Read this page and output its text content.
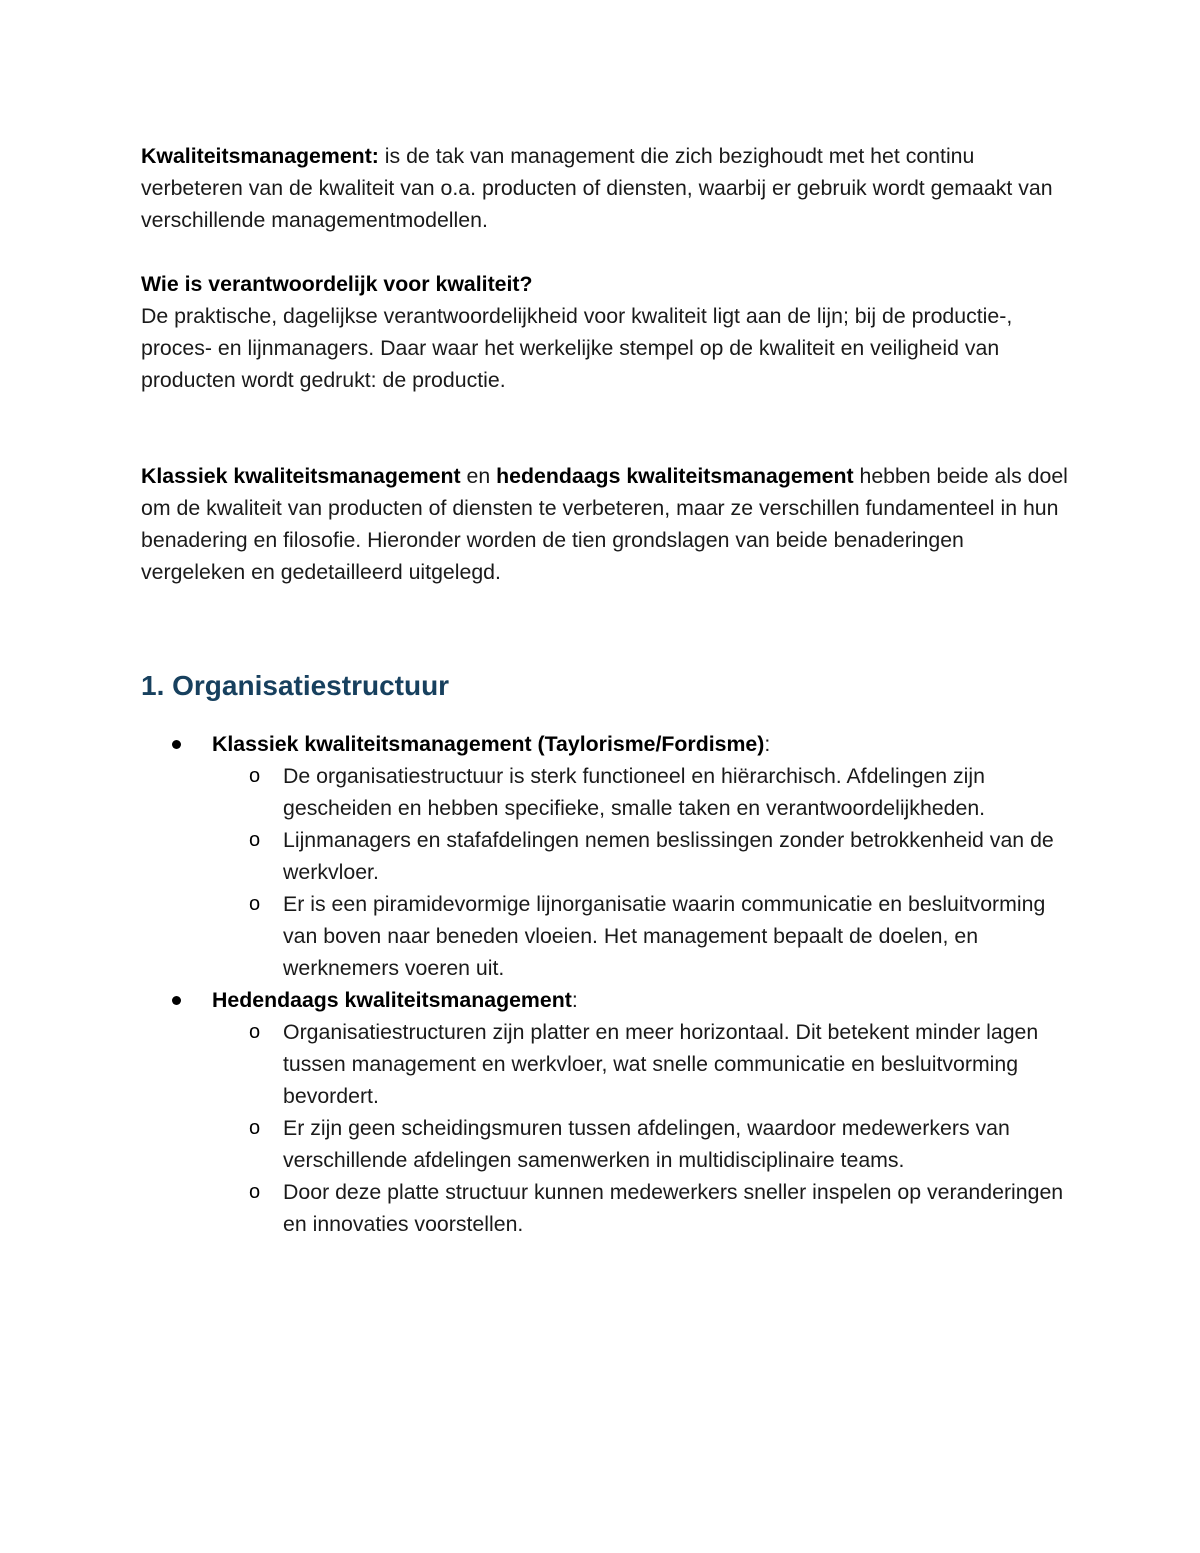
Kwaliteitsmanagement: is de tak van management die zich bezighoudt met het continu verbeteren van de kwaliteit van o.a. producten of diensten, waarbij er gebruik wordt gemaakt van verschillende managementmodellen.

Wie is verantwoordelijk voor kwaliteit?

De praktische, dagelijkse verantwoordelijkheid voor kwaliteit ligt aan de lijn; bij de productie-, proces- en lijnmanagers. Daar waar het werkelijke stempel op de kwaliteit en veiligheid van producten wordt gedrukt: de productie.

Klassiek kwaliteitsmanagement en hedendaags kwaliteitsmanagement hebben beide als doel om de kwaliteit van producten of diensten te verbeteren, maar ze verschillen fundamenteel in hun benadering en filosofie. Hieronder worden de tien grondslagen van beide benaderingen vergeleken en gedetailleerd uitgelegd.

1. Organisatiestructuur
Klassiek kwaliteitsmanagement (Taylorisme/Fordisme):
o De organisatiestructuur is sterk functioneel en hiërarchisch. Afdelingen zijn gescheiden en hebben specifieke, smalle taken en verantwoordelijkheden.
o Lijnmanagers en stafafdelingen nemen beslissingen zonder betrokkenheid van de werkvloer.
o Er is een piramidevormige lijnorganisatie waarin communicatie en besluitvorming van boven naar beneden vloeien. Het management bepaalt de doelen, en werknemers voeren uit.
Hedendaags kwaliteitsmanagement:
o Organisatiestructuren zijn platter en meer horizontaal. Dit betekent minder lagen tussen management en werkvloer, wat snelle communicatie en besluitvorming bevordert.
o Er zijn geen scheidingsmuren tussen afdelingen, waardoor medewerkers van verschillende afdelingen samenwerken in multidisciplinaire teams.
o Door deze platte structuur kunnen medewerkers sneller inspelen op veranderingen en innovaties voorstellen.
